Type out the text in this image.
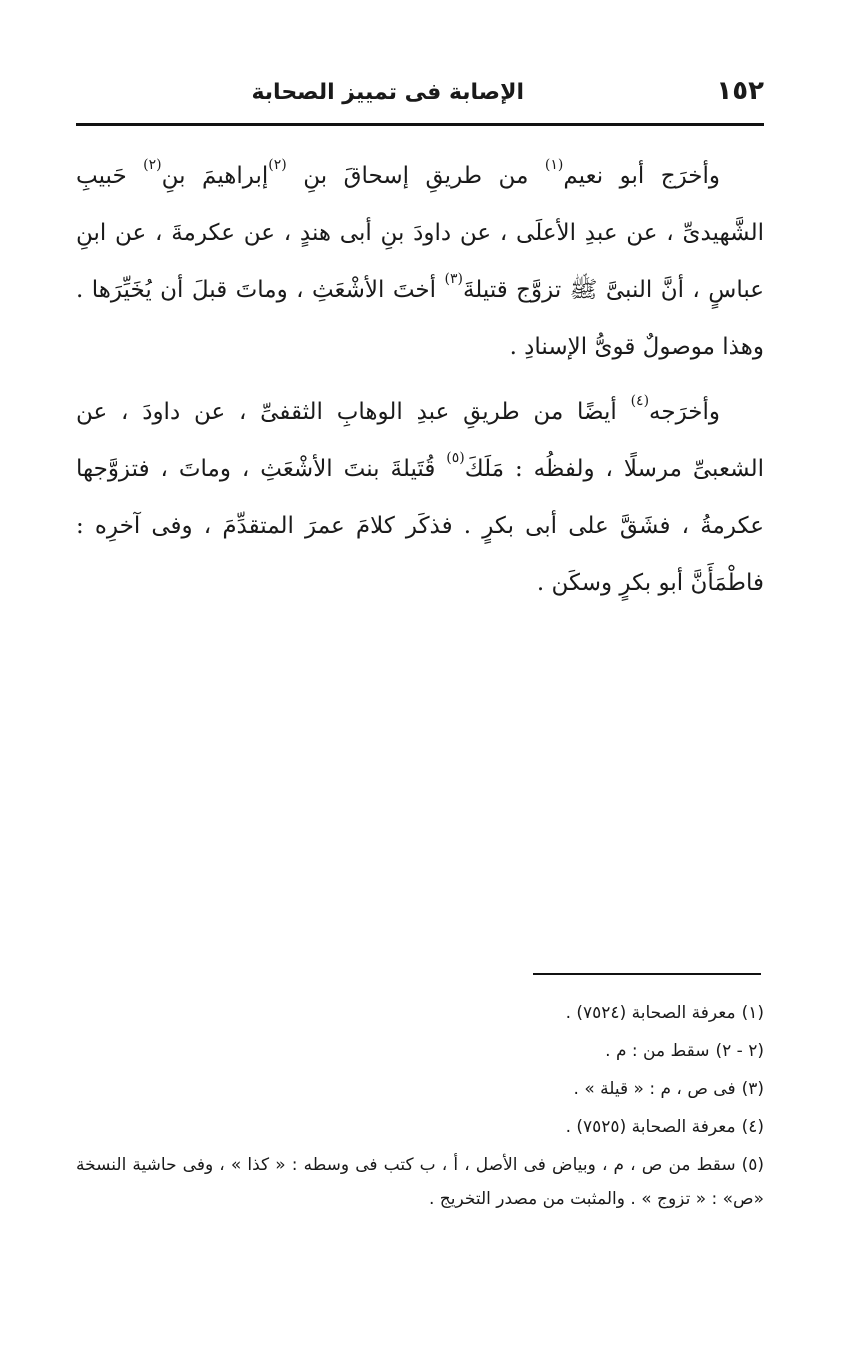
١٥٢
الإصابة فى تمييز الصحابة

وأخرَج أبو نعيم$^{(١)}$ من طريقِ إسحاقَ بنِ $^{(٢)}$إبراهيمَ بنِ$^{(٢)}$ حَبيبِ الشَّهيدىِّ ، عن عبدِ الأعلَى ، عن داودَ بنِ أبى هندٍ ، عن عكرمةَ ، عن ابنِ عباسٍ ، أنَّ النبىَّ ﷺ تزوَّج قتيلةَ$^{(٣)}$ أختَ الأشْعَثِ ، وماتَ قبلَ أن يُخَيِّرَها . وهذا موصولٌ قوىُّ الإسنادِ .

وأخرَجه$^{(٤)}$ أيضًا من طريقِ عبدِ الوهابِ الثقفىِّ ، عن داودَ ، عن الشعبىِّ مرسلًا ، ولفظُه : مَلَكَ$^{(٥)}$ قُتَيلةَ بنتَ الأشْعَثِ ، وماتَ ، فتزوَّجها عكرمةُ ، فشَقَّ على أبى بكرٍ . فذكَر كلامَ عمرَ المتقدِّمَ ، وفى آخرِه : فاطْمَأَنَّ أبو بكرٍ وسكَن .

(١)معرفة الصحابة (٧٥٢٤) .

(٢ - ٢)سقط من : م .

(٣)فى ص ، م : « قيلة » .

(٤)معرفة الصحابة (٧٥٢٥) .

(٥)سقط من ص ، م ، وبياض فى الأصل ، أ ، ب كتب فى وسطه : « كذا » ، وفى حاشية النسخة «ص» : « تزوج » . والمثبت من مصدر التخريج .
